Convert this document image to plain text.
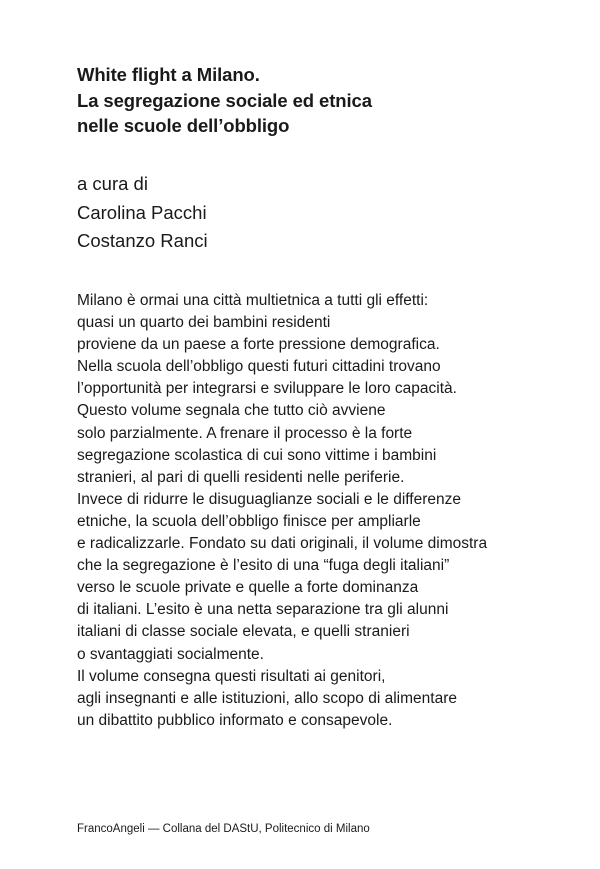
White flight a Milano.
La segregazione sociale ed etnica
nelle scuole dell’obbligo
a cura di
Carolina Pacchi
Costanzo Ranci
Milano è ormai una città multietnica a tutti gli effetti:
quasi un quarto dei bambini residenti
proviene da un paese a forte pressione demografica.
Nella scuola dell’obbligo questi futuri cittadini trovano
l’opportunità per integrarsi e sviluppare le loro capacità.
Questo volume segnala che tutto ciò avviene
solo parzialmente. A frenare il processo è la forte
segregazione scolastica di cui sono vittime i bambini
stranieri, al pari di quelli residenti nelle periferie.
Invece di ridurre le disuguaglianze sociali e le differenze
etniche, la scuola dell’obbligo finisce per ampliarle
e radicalizzarle. Fondato su dati originali, il volume dimostra
che la segregazione è l’esito di una “fuga degli italiani”
verso le scuole private e quelle a forte dominanza
di italiani. L’esito è una netta separazione tra gli alunni
italiani di classe sociale elevata, e quelli stranieri
o svantaggiati socialmente.
Il volume consegna questi risultati ai genitori,
agli insegnanti e alle istituzioni, allo scopo di alimentare
un dibattito pubblico informato e consapevole.
FrancoAngeli — Collana del DAStU, Politecnico di Milano
